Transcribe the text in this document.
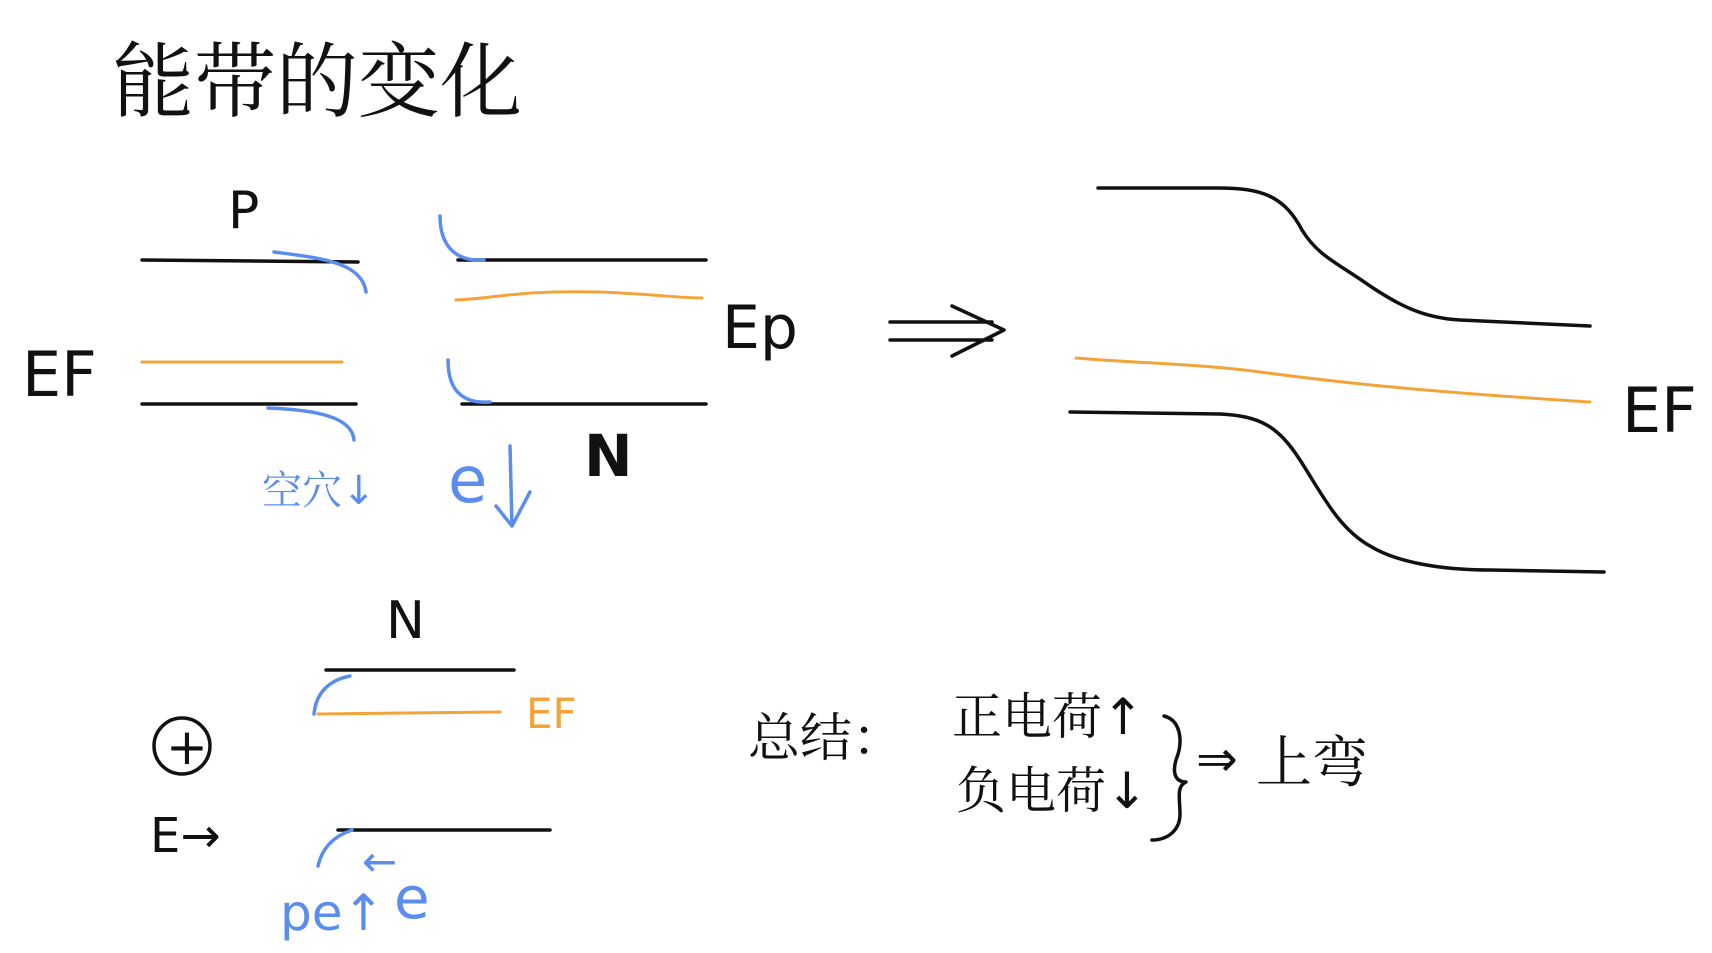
能带的变化
P
EF
空穴↓
N
e
Ep
EF
N
EF
+
E→
pe↑
←
e
总结： 正电荷↑
负电荷↓
⇒ 上弯
